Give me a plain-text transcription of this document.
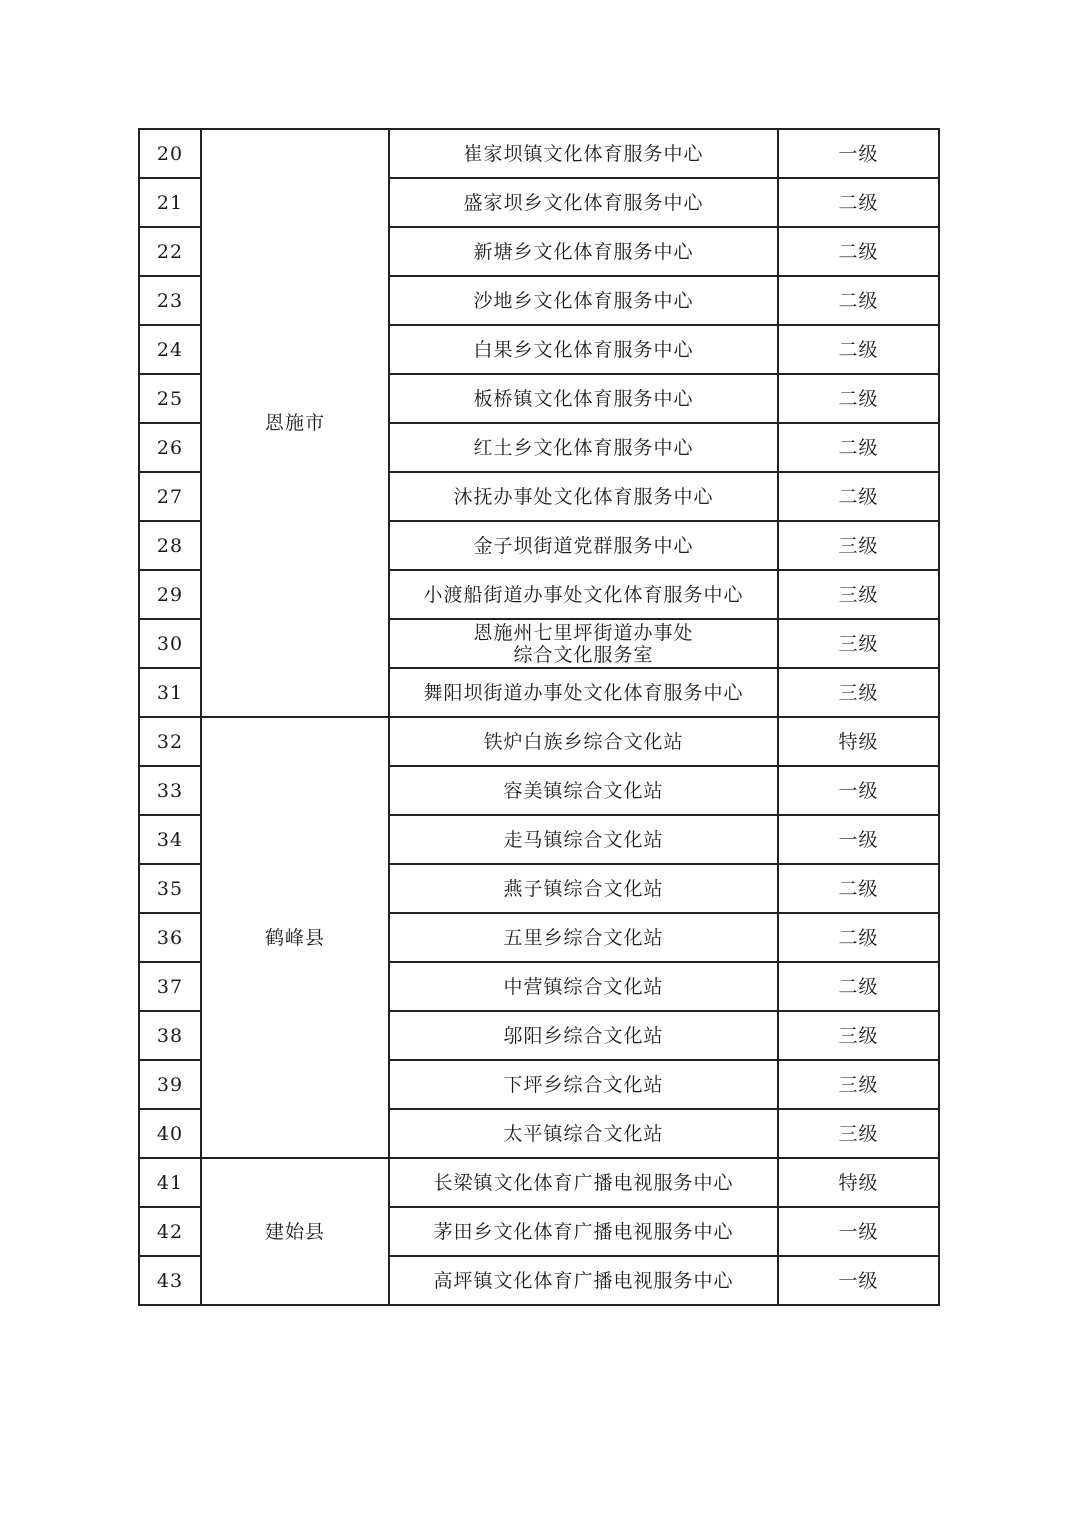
20	恩施市	崔家坝镇文化体育服务中心	一级
21		盛家坝乡文化体育服务中心	二级
22		新塘乡文化体育服务中心	二级
23		沙地乡文化体育服务中心	二级
24		白果乡文化体育服务中心	二级
25		板桥镇文化体育服务中心	二级
26		红土乡文化体育服务中心	二级
27		沐抚办事处文化体育服务中心	二级
28		金子坝街道党群服务中心	三级
29		小渡船街道办事处文化体育服务中心	三级
30		恩施州七里坪街道办事处
综合文化服务室	三级
31		舞阳坝街道办事处文化体育服务中心	三级
32	鹤峰县	铁炉白族乡综合文化站	特级
33		容美镇综合文化站	一级
34		走马镇综合文化站	一级
35		燕子镇综合文化站	二级
36		五里乡综合文化站	二级
37		中营镇综合文化站	二级
38		邬阳乡综合文化站	三级
39		下坪乡综合文化站	三级
40		太平镇综合文化站	三级
41	建始县	长梁镇文化体育广播电视服务中心	特级
42		茅田乡文化体育广播电视服务中心	一级
43		高坪镇文化体育广播电视服务中心	一级
